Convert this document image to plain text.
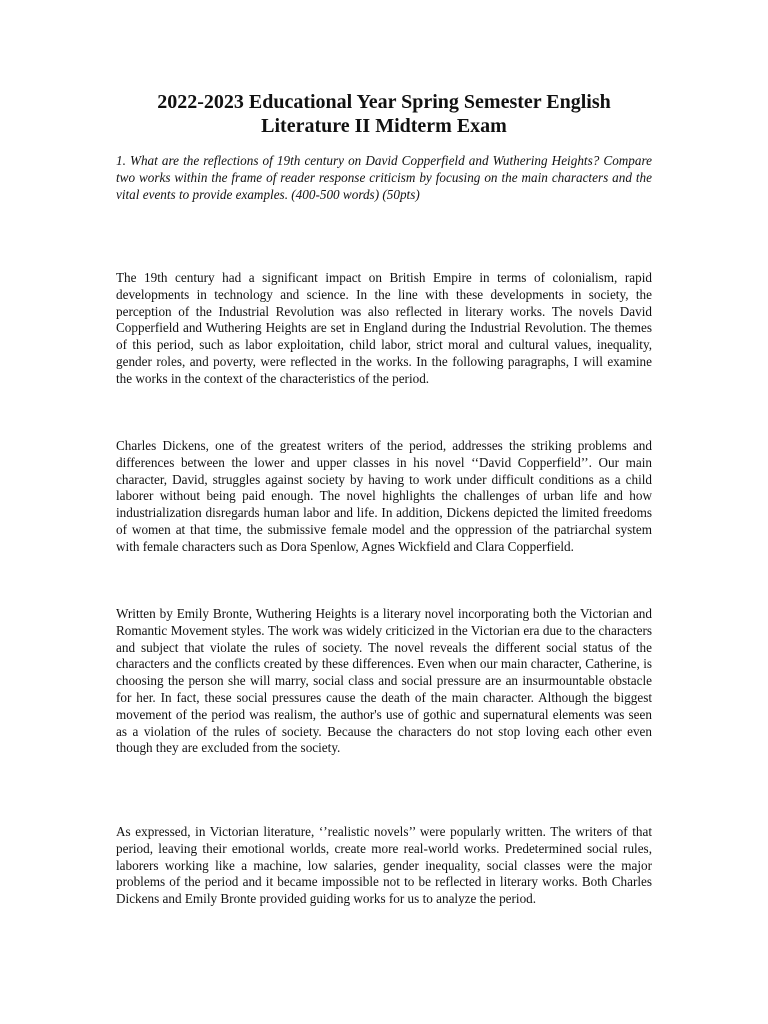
2022-2023 Educational Year Spring Semester English Literature II Midterm Exam

1. What are the reflections of 19th century on David Copperfield and Wuthering Heights? Compare two works within the frame of reader response criticism by focusing on the main characters and the vital events to provide examples. (400-500 words) (50pts)

The 19th century had a significant impact on British Empire in terms of colonialism, rapid developments in technology and science. In the line with these developments in society, the perception of the Industrial Revolution was also reflected in literary works. The novels David Copperfield and Wuthering Heights are set in England during the Industrial Revolution. The themes of this period, such as labor exploitation, child labor, strict moral and cultural values, inequality, gender roles, and poverty, were reflected in the works. In the following paragraphs, I will examine the works in the context of the characteristics of the period.

Charles Dickens, one of the greatest writers of the period, addresses the striking problems and differences between the lower and upper classes in his novel ‘‘David Copperfield’’. Our main character, David, struggles against society by having to work under difficult conditions as a child laborer without being paid enough. The novel highlights the challenges of urban life and how industrialization disregards human labor and life. In addition, Dickens depicted the limited freedoms of women at that time, the submissive female model and the oppression of the patriarchal system with female characters such as Dora Spenlow, Agnes Wickfield and Clara Copperfield.

Written by Emily Bronte, Wuthering Heights is a literary novel incorporating both the Victorian and Romantic Movement styles. The work was widely criticized in the Victorian era due to the characters and subject that violate the rules of society. The novel reveals the different social status of the characters and the conflicts created by these differences. Even when our main character, Catherine, is choosing the person she will marry, social class and social pressure are an insurmountable obstacle for her. In fact, these social pressures cause the death of the main character. Although the biggest movement of the period was realism, the author's use of gothic and supernatural elements was seen as a violation of the rules of society. Because the characters do not stop loving each other even though they are excluded from the society.

As expressed, in Victorian literature, ‘’realistic novels’’ were popularly written. The writers of that period, leaving their emotional worlds, create more real-world works. Predetermined social rules, laborers working like a machine, low salaries, gender inequality, social classes were the major problems of the period and it became impossible not to be reflected in literary works. Both Charles Dickens and Emily Bronte provided guiding works for us to analyze the period.
